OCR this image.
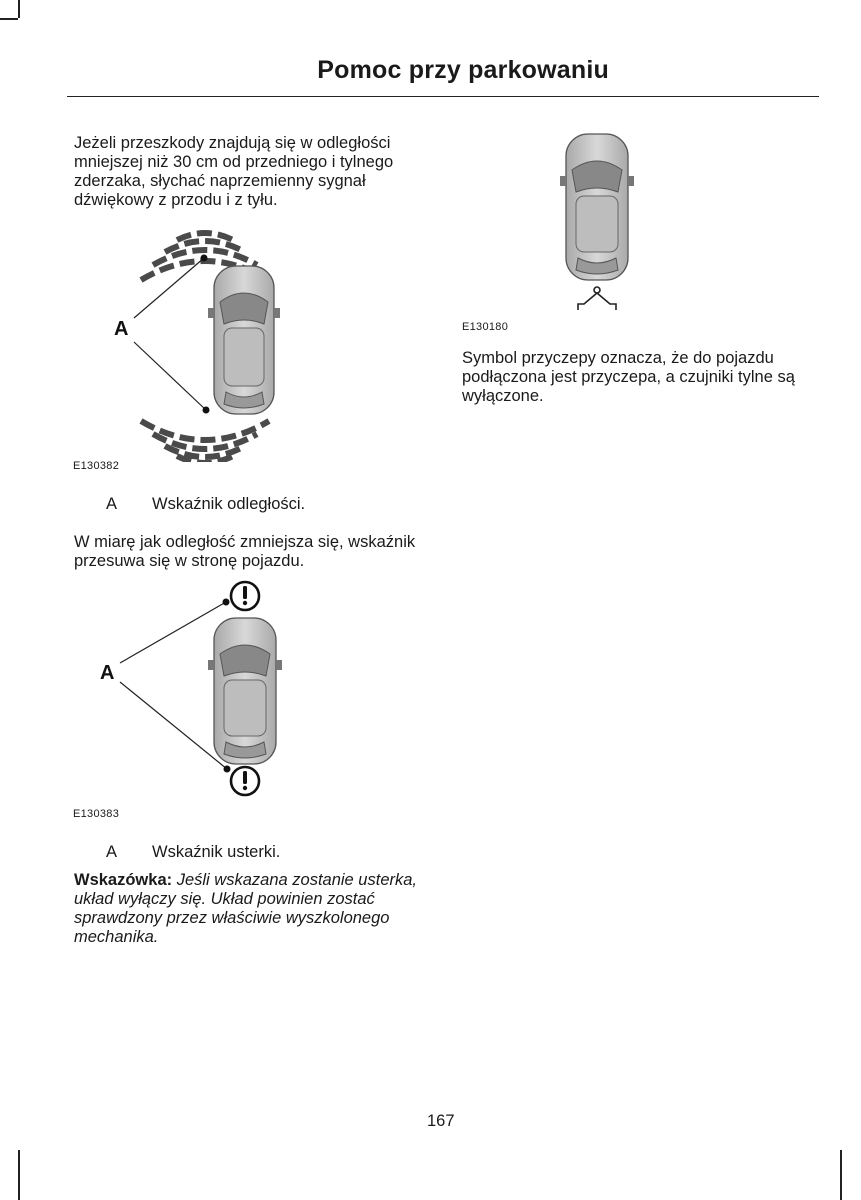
Pomoc przy parkowaniu

Jeżeli przeszkody znajdują się w odległości mniejszej niż 30 cm od przedniego i tylnego zderzaka, słychać naprzemienny sygnał dźwiękowy z przodu i z tyłu.

A
E130382
A Wskaźnik odległości.

W miarę jak odległość zmniejsza się, wskaźnik przesuwa się w stronę pojazdu.

A
E130383
A Wskaźnik usterki.

Wskazówka: Jeśli wskazana zostanie usterka, układ wyłączy się. Układ powinien zostać sprawdzony przez właściwie wyszkolonego mechanika.

E130180

Symbol przyczepy oznacza, że do pojazdu podłączona jest przyczepa, a czujniki tylne są wyłączone.

167
